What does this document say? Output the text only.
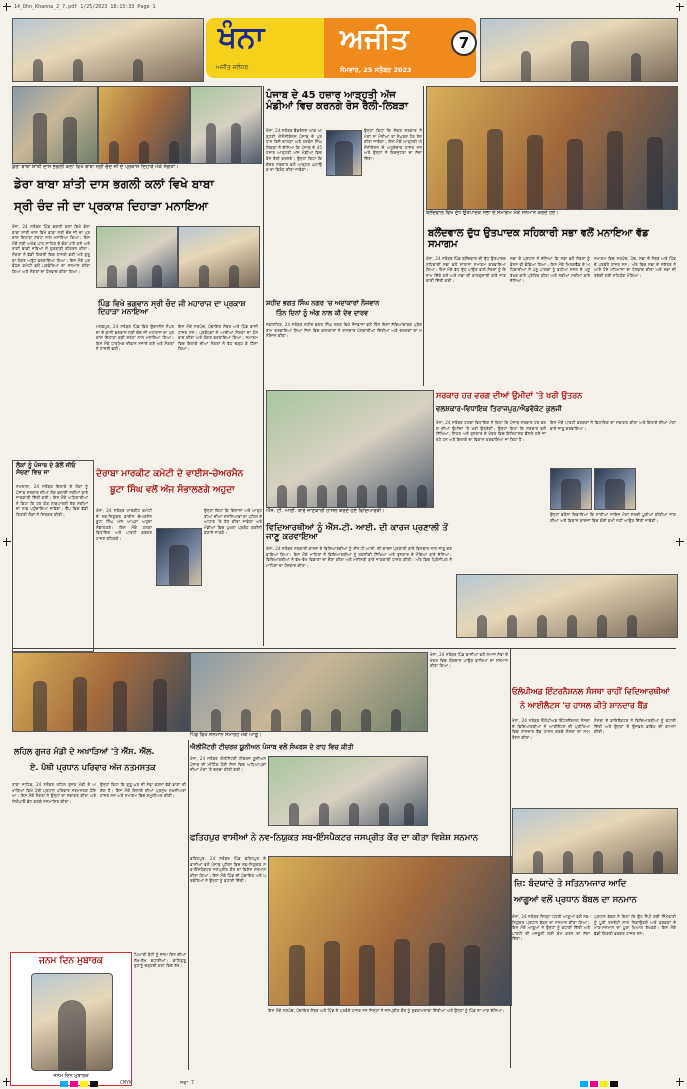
14_Dhn_Khanna_2_7.pdf 1/25/2023 18:15:33 Page 1
ਖੰਨਾ	ਅਜੀਤ
ਅਜੀਤ ਜਲੰਧਰ	ਸੋਮਵਾਰ, 25 ਸਤੰਬਰ 2023
7
ਡੇਰਾ ਬਾਬਾ ਸ਼ਾਂਤੀ ਦਾਸ ਭਗਲੀ ਕਲਾਂ ਵਿਖੇ ਬਾਬਾ ਸ੍ਰੀ ਚੰਦ ਜੀ ਦੇ ਪ੍ਰਕਾਸ਼ ਦਿਹਾੜੇ ਮੌਕੇ ਸੰਗਤਾਂ।
ਡੇਰਾ ਬਾਬਾ ਸ਼ਾਂਤੀ ਦਾਸ ਭਗਲੀ ਕਲਾਂ ਵਿਖੇ ਬਾਬਾ
ਸ੍ਰੀ ਚੰਦ ਜੀ ਦਾ ਪ੍ਰਕਾਸ਼ ਦਿਹਾੜਾ ਮਨਾਇਆ
ਖੰਨਾ, 24 ਸਤੰਬਰ ਪਿੰਡ ਭਗਲੀ ਕਲਾਂ ਵਿਖੇ ਡੇਰਾ ਬਾਬਾ ਸ਼ਾਂਤੀ ਦਾਸ ਵਿਖੇ ਬਾਬਾ ਸ੍ਰੀ ਚੰਦ ਜੀ ਦਾ ਪ੍ਰਕਾਸ਼ ਦਿਹਾੜਾ ਸ਼ਰਧਾ ਨਾਲ ਮਨਾਇਆ ਗਿਆ। ਇਸ ਮੌਕੇ ਸ੍ਰੀ ਅਖੰਡ ਪਾਠ ਸਾਹਿਬ ਦੇ ਭੋਗ ਪਾਏ ਗਏ ਅਤੇ ਰਾਗੀ ਢਾਡੀ ਜਥਿਆਂ ਨੇ ਗੁਰਬਾਣੀ ਕੀਰਤਨ ਕੀਤਾ। ਸੰਗਤਾਂ ਨੇ ਵੱਡੀ ਗਿਣਤੀ ਵਿਚ ਹਾਜ਼ਰੀ ਭਰੀ ਅਤੇ ਗੁਰੂ ਕਾ ਲੰਗਰ ਅਤੁੱਟ ਵਰਤਾਇਆ ਗਿਆ। ਇਸ ਮੌਕੇ ਪ੍ਰਬੰਧਕ ਕਮੇਟੀ ਵਲੋਂ ਪਤਵੰਤਿਆਂ ਦਾ ਸਨਮਾਨ ਕੀਤਾ ਗਿਆ ਅਤੇ ਸੰਗਤਾਂ ਦਾ ਧੰਨਵਾਦ ਕੀਤਾ ਗਿਆ।
ਪਿੰਡ ਵਿਖੇ ਭਗਵਾਨ ਸ੍ਰੀ ਚੰਦ ਜੀ ਮਹਾਰਾਜ ਦਾ ਪ੍ਰਕਾਸ਼ ਦਿਹਾੜਾ ਮਨਾਇਆ
ਮਲਕਪੁਰ, 24 ਸਤੰਬਰ ਪਿੰਡ ਵਿਖੇ ਉਦਾਸੀਨ ਸੰਪਰਦਾ ਦੇ ਬਾਨੀ ਭਗਵਾਨ ਸ੍ਰੀ ਚੰਦ ਜੀ ਮਹਾਰਾਜ ਦਾ ਪ੍ਰਕਾਸ਼ ਦਿਹਾੜਾ ਬੜੀ ਸ਼ਰਧਾ ਨਾਲ ਮਨਾਇਆ ਗਿਆ। ਇਸ ਮੌਕੇ ਧਾਰਮਿਕ ਦੀਵਾਨ ਸਜਾਏ ਗਏ ਅਤੇ ਸੰਗਤਾਂ ਨੇ ਹਾਜ਼ਰੀ ਭਰੀ।
ਇਸ ਮੌਕੇ ਸਰਪੰਚ, ਪੰਚਾਇਤ ਮੈਂਬਰ ਅਤੇ ਪਿੰਡ ਵਾਸੀ ਹਾਜ਼ਰ ਸਨ। ਪ੍ਰਬੰਧਕਾਂ ਨੇ ਆਈਆਂ ਸੰਗਤਾਂ ਦਾ ਧੰਨਵਾਦ ਕੀਤਾ ਅਤੇ ਲੰਗਰ ਵਰਤਾਇਆ ਗਿਆ। ਸਮਾਗਮ ਵਿਚ ਇਲਾਕੇ ਦੀਆਂ ਸੰਗਤਾਂ ਨੇ ਵੱਧ ਚੜ੍ਹ ਕੇ ਹਿੱਸਾ ਲਿਆ।
ਲੋਕਾਂ ਨੂੰ ਪੰਜਾਬ ਦੇ ਗੱਲੋਂ ਜੀਓ ਸੱਚਣਾ ਵਿਚ ਜਾ
ਸਮਰਾਲਾ, 24 ਸਤੰਬਰ ਇਲਾਕੇ ਦੇ ਲੋਕਾਂ ਨੂੰ ਪੰਜਾਬ ਸਰਕਾਰ ਦੀਆਂ ਲੋਕ ਭਲਾਈ ਸਕੀਮਾਂ ਬਾਰੇ ਜਾਣਕਾਰੀ ਦਿੱਤੀ ਗਈ। ਇਸ ਮੌਕੇ ਅਧਿਕਾਰੀਆਂ ਨੇ ਕਿਹਾ ਕਿ ਹਰ ਯੋਗ ਲਾਭਪਾਤਰੀ ਤੱਕ ਸਕੀਮਾਂ ਦਾ ਲਾਭ ਪਹੁੰਚਾਇਆ ਜਾਵੇਗਾ। ਕੈਂਪ ਵਿਚ ਵੱਡੀ ਗਿਣਤੀ ਲੋਕਾਂ ਨੇ ਸ਼ਿਰਕਤ ਕੀਤੀ।
ਦੇਰਾਬਾ ਮਾਰਕੀਟ ਕਮੇਟੀ ਦੇ ਵਾਈਸ-ਚੇਅਰਮੈਨ
ਬੂਟਾ ਸਿੰਘ ਵਲੋਂ ਅੱਜ ਸੰਭਾਲਣਗੇ ਅਹੁਦਾ
ਖੰਨਾ, 24 ਸਤੰਬਰ ਮਾਰਕੀਟ ਕਮੇਟੀ ਦੇ ਨਵ-ਨਿਯੁਕਤ ਵਾਈਸ ਚੇਅਰਮੈਨ ਬੂਟਾ ਸਿੰਘ ਅੱਜ ਆਪਣਾ ਅਹੁਦਾ ਸੰਭਾਲਣਗੇ। ਇਸ ਮੌਕੇ ਹਲਕਾ ਵਿਧਾਇਕ ਅਤੇ ਪਾਰਟੀ ਵਰਕਰ ਹਾਜ਼ਰ ਰਹਿਣਗੇ।
ਉਨ੍ਹਾਂ ਕਿਹਾ ਕਿ ਕਿਸਾਨਾਂ ਅਤੇ ਆੜ੍ਹਤੀਆਂ ਦੀਆਂ ਸਮੱਸਿਆਵਾਂ ਦਾ ਪਹਿਲ ਦੇ ਆਧਾਰ 'ਤੇ ਹੱਲ ਕੀਤਾ ਜਾਵੇਗਾ ਅਤੇ ਮੰਡੀਆਂ ਵਿਚ ਪੁਖ਼ਤਾ ਪ੍ਰਬੰਧ ਯਕੀਨੀ ਬਣਾਏ ਜਾਣਗੇ।
ਪੰਜਾਬ ਦੇ 45 ਹਜ਼ਾਰ ਆੜ੍ਹਤੀ ਅੱਜ ਮੰਡੀਆਂ ਵਿਚ ਕਰਨਗੇ ਰੋਸ ਰੈਲੀ-ਲਿਬੜਾ
ਖੰਨਾ, 24 ਸਤੰਬਰ ਫੈਡਰੇਸ਼ਨ ਆਫ਼ ਆੜ੍ਹਤੀ ਐਸੋਸੀਏਸ਼ਨ ਪੰਜਾਬ ਦੇ ਪ੍ਰਧਾਨ ਵਿਜੇ ਕਾਲੜਾ ਅਤੇ ਹਰਬੰਸ ਸਿੰਘ ਲਿਬੜਾ ਨੇ ਦੱਸਿਆ ਕਿ ਪੰਜਾਬ ਦੇ 45 ਹਜ਼ਾਰ ਆੜ੍ਹਤੀ ਅੱਜ ਮੰਡੀਆਂ ਵਿਚ ਰੋਸ ਰੈਲੀ ਕਰਨਗੇ। ਉਨ੍ਹਾਂ ਕਿਹਾ ਕਿ ਕੇਂਦਰ ਸਰਕਾਰ ਵਲੋਂ ਆੜ੍ਹਤ ਘਟਾਉਣ ਦਾ ਵਿਰੋਧ ਕੀਤਾ ਜਾਵੇਗਾ।
ਉਨ੍ਹਾਂ ਕਿਹਾ ਕਿ ਜੇਕਰ ਸਰਕਾਰ ਨੇ ਮੰਗਾਂ ਨਾ ਮੰਨੀਆਂ ਤਾਂ ਸੰਘਰਸ਼ ਹੋਰ ਤੇਜ਼ ਕੀਤਾ ਜਾਵੇਗਾ। ਇਸ ਮੌਕੇ ਆੜ੍ਹਤੀ ਐਸੋਸੀਏਸ਼ਨ ਦੇ ਅਹੁਦੇਦਾਰ ਹਾਜ਼ਰ ਸਨ ਅਤੇ ਉਨ੍ਹਾਂ ਨੇ ਇਕਜੁਟਤਾ ਦਾ ਸੱਦਾ ਦਿੱਤਾ।
ਸ਼ਹੀਦ ਭਗਤ ਸਿੰਘ ਨਗਰ 'ਚ ਅਦਾਕਾਰਾਂ ਨੌਜਵਾਨ
ਤਿੰਨ ਦਿਨਾਂ ਨੂੰ ਅੱਗ ਨਾਲ ਕੀ ਦੇਵ ਦਾਰਵ
ਨਵਾਂਸ਼ਹਿਰ, 24 ਸਤੰਬਰ ਸ਼ਹੀਦ ਭਗਤ ਸਿੰਘ ਨਗਰ ਵਿਖੇ ਨੌਜਵਾਨਾਂ ਵਲੋਂ ਤਿੰਨ ਦਿਨਾਂ ਸੱਭਿਆਚਾਰਕ ਪ੍ਰੋਗਰਾਮ ਕਰਵਾਇਆ ਗਿਆ ਜਿਸ ਵਿਚ ਕਲਾਕਾਰਾਂ ਨੇ ਸ਼ਾਨਦਾਰ ਪੇਸ਼ਕਾਰੀਆਂ ਦਿੱਤੀਆਂ ਅਤੇ ਦਰਸ਼ਕਾਂ ਦਾ ਮਨੋਰੰਜਨ ਕੀਤਾ।
ਬਲੌਂਦਵਾਲ ਵਿਖੇ ਦੁੱਧ ਉਤਪਾਦਕ ਸਭਾ ਦੇ ਸਮਾਗਮ ਮੌਕੇ ਸਨਮਾਨ ਕਰਦੇ ਹੋਏ।
ਬਲੌਂਦਵਾਲ ਦੁੱਧ ਉਤਪਾਦਕ ਸਹਿਕਾਰੀ ਸਭਾ ਵਲੋਂ ਮਨਾਇਆ ਵੱਡ ਸਮਾਗਮ
ਖੰਨਾ, 24 ਸਤੰਬਰ ਪਿੰਡ ਬਲੌਂਦਵਾਲ ਦੀ ਦੁੱਧ ਉਤਪਾਦਕ ਸਹਿਕਾਰੀ ਸਭਾ ਵਲੋਂ ਸਾਲਾਨਾ ਸਮਾਗਮ ਕਰਵਾਇਆ ਗਿਆ। ਇਸ ਮੌਕੇ ਵੱਧ ਦੁੱਧ ਪਾਉਣ ਵਾਲੇ ਮੈਂਬਰਾਂ ਨੂੰ ਇਨਾਮ ਦਿੱਤੇ ਗਏ ਅਤੇ ਸਭਾ ਦੀ ਕਾਰਗੁਜ਼ਾਰੀ ਬਾਰੇ ਜਾਣਕਾਰੀ ਦਿੱਤੀ ਗਈ।
ਸਭਾ ਦੇ ਪ੍ਰਧਾਨ ਨੇ ਦੱਸਿਆ ਕਿ ਸਭਾ ਵਲੋਂ ਮੈਂਬਰਾਂ ਨੂੰ ਬੋਨਸ ਵੀ ਵੰਡਿਆ ਗਿਆ। ਇਸ ਮੌਕੇ ਮਿਲਕਫੈੱਡ ਦੇ ਅਧਿਕਾਰੀਆਂ ਨੇ ਪਸ਼ੂ ਪਾਲਕਾਂ ਨੂੰ ਵਧੀਆ ਨਸਲ ਦੇ ਪਸ਼ੂ ਰੱਖਣ ਬਾਰੇ ਪ੍ਰੇਰਿਤ ਕੀਤਾ ਅਤੇ ਨਵੀਆਂ ਸਕੀਮਾਂ ਬਾਰੇ ਦੱਸਿਆ।
ਸਮਾਗਮ ਵਿਚ ਸਰਪੰਚ, ਪੰਚ, ਸਭਾ ਦੇ ਮੈਂਬਰ ਅਤੇ ਪਿੰਡ ਦੇ ਪਤਵੰਤੇ ਹਾਜ਼ਰ ਸਨ। ਅੰਤ ਵਿਚ ਸਭਾ ਦੇ ਸਕੱਤਰ ਨੇ ਆਏ ਹੋਏ ਮਹਿਮਾਨਾਂ ਦਾ ਧੰਨਵਾਦ ਕੀਤਾ ਅਤੇ ਸਭਾ ਦੀ ਤਰੱਕੀ ਲਈ ਸਹਿਯੋਗ ਮੰਗਿਆ।
ਐੱਸ. ਟੀ. ਆਈ. ਬਾਰੇ ਜਾਣਕਾਰੀ ਹਾਸਲ ਕਰਦੇ ਹੋਏ ਵਿਦਿਆਰਥੀ।
ਸਰਕਾਰ ਹਰ ਵਰਗ ਦੀਆਂ ਉਮੀਦਾਂ 'ਤੇ ਖਰੀ ਉਤਰਨ
ਵਲਸ਼ਕਾਰ-ਵਿਧਾਇਕ ਤਿਰਾਜਪੁਰ/ਐਡਵੋਕੇਟ ਕੁਲਜੀ
ਖੰਨਾ, 24 ਸਤੰਬਰ ਹਲਕਾ ਵਿਧਾਇਕ ਨੇ ਕਿਹਾ ਕਿ ਪੰਜਾਬ ਸਰਕਾਰ ਹਰ ਵਰਗ ਦੀਆਂ ਉਮੀਦਾਂ 'ਤੇ ਖਰੀ ਉਤਰੇਗੀ। ਉਨ੍ਹਾਂ ਕਿਹਾ ਕਿ ਸਰਕਾਰ ਵਲੋਂ ਸਿੱਖਿਆ, ਸਿਹਤ ਅਤੇ ਰੁਜ਼ਗਾਰ ਦੇ ਖੇਤਰ ਵਿਚ ਇਤਿਹਾਸਕ ਫ਼ੈਸਲੇ ਲਏ ਜਾ ਰਹੇ ਹਨ ਅਤੇ ਇਲਾਕੇ ਦਾ ਵਿਕਾਸ ਕਰਵਾਇਆ ਜਾ ਰਿਹਾ ਹੈ।
ਇਸ ਮੌਕੇ ਪਾਰਟੀ ਵਰਕਰਾਂ ਨੇ ਵਿਧਾਇਕ ਦਾ ਸਵਾਗਤ ਕੀਤਾ ਅਤੇ ਇਲਾਕੇ ਦੀਆਂ ਮੰਗਾਂ ਬਾਰੇ ਜਾਣੂ ਕਰਵਾਇਆ।
ਉਨ੍ਹਾਂ ਭਰੋਸਾ ਦਿਵਾਇਆ ਕਿ ਸਾਰੀਆਂ ਜਾਇਜ਼ ਮੰਗਾਂ ਜਲਦੀ ਪੂਰੀਆਂ ਕੀਤੀਆਂ ਜਾਣਗੀਆਂ ਅਤੇ ਵਿਕਾਸ ਕਾਰਜਾਂ ਵਿਚ ਕੋਈ ਕਮੀ ਨਹੀਂ ਆਉਣ ਦਿੱਤੀ ਜਾਵੇਗੀ।
ਵਿਦਿਆਰਥੀਆਂ ਨੂੰ ਐੱਸ.ਟੀ. ਆਈ. ਦੀ ਕਾਰਜ ਪ੍ਰਣਾਲੀ ਤੋਂ ਜਾਣੂ ਕਰਵਾਇਆ
ਖੰਨਾ, 24 ਸਤੰਬਰ ਸਰਕਾਰੀ ਕਾਲਜ ਦੇ ਵਿਦਿਆਰਥੀਆਂ ਨੂੰ ਐੱਸ.ਟੀ.ਆਈ. ਦੀ ਕਾਰਜ ਪ੍ਰਣਾਲੀ ਬਾਰੇ ਵਿਸਥਾਰ ਨਾਲ ਜਾਣੂ ਕਰਵਾਇਆ ਗਿਆ। ਇਸ ਮੌਕੇ ਮਾਹਿਰਾਂ ਨੇ ਵਿਦਿਆਰਥੀਆਂ ਨੂੰ ਤਕਨੀਕੀ ਸਿੱਖਿਆ ਅਤੇ ਰੁਜ਼ਗਾਰ ਦੇ ਮੌਕਿਆਂ ਬਾਰੇ ਦੱਸਿਆ। ਵਿਦਿਆਰਥੀਆਂ ਨੇ ਵੱਖ-ਵੱਖ ਵਿਭਾਗਾਂ ਦਾ ਦੌਰਾ ਕੀਤਾ ਅਤੇ ਮਸ਼ੀਨਰੀ ਬਾਰੇ ਜਾਣਕਾਰੀ ਹਾਸਲ ਕੀਤੀ। ਅੰਤ ਵਿਚ ਪ੍ਰਿੰਸੀਪਲ ਨੇ ਮਾਹਿਰਾਂ ਦਾ ਧੰਨਵਾਦ ਕੀਤਾ।
ਪਿੰਡ ਵਿਖੇ ਸਨਮਾਨ ਸਮਾਰੋਹ ਮੌਕੇ ਆਗੂ।
ਖੰਨਾ, 24 ਸਤੰਬਰ ਪਿੰਡ ਵਾਸੀਆਂ ਵਲੋਂ ਸਮਾਜ ਸੇਵਾ ਦੇ ਖੇਤਰ ਵਿਚ ਯੋਗਦਾਨ ਪਾਉਣ ਵਾਲਿਆਂ ਦਾ ਸਨਮਾਨ ਕੀਤਾ ਗਿਆ।
ਓਲੰਪੀਅਡ ਇੰਟਰਨੈਸ਼ਨਲ ਸੰਸਥਾ ਰਾਹੀਂ ਵਿਦਿਆਰਥੀਆਂ
ਨੇ ਆਈਲੈਟਸ 'ਚ ਹਾਸਲ ਕੀਤੇ ਸ਼ਾਨਦਾਰ ਬੈਂਡ
ਖੰਨਾ, 24 ਸਤੰਬਰ ਓਲੰਪੀਅਡ ਇੰਟਰਨੈਸ਼ਨਲ ਸੰਸਥਾ ਦੇ ਵਿਦਿਆਰਥੀਆਂ ਨੇ ਆਈਲੈਟਸ ਦੀ ਪ੍ਰੀਖਿਆ ਵਿਚ ਸ਼ਾਨਦਾਰ ਬੈਂਡ ਹਾਸਲ ਕਰਕੇ ਸੰਸਥਾ ਦਾ ਨਾਮ ਰੌਸ਼ਨ ਕੀਤਾ।
ਸੰਸਥਾ ਦੇ ਡਾਇਰੈਕਟਰ ਨੇ ਵਿਦਿਆਰਥੀਆਂ ਨੂੰ ਵਧਾਈ ਦਿੱਤੀ ਅਤੇ ਉਨ੍ਹਾਂ ਦੇ ਉਜਵਲ ਭਵਿੱਖ ਦੀ ਕਾਮਨਾ ਕੀਤੀ।
ਐਲੀਮੈਂਟਰੀ ਟੀਚਰਜ਼ ਯੂਨੀਅਨ ਪੰਜਾਬ ਵਲੋਂ ਸੰਘਰਸ਼ ਦੇ ਰਾਹ ਵਿਚ ਕੀਤੀ
ਖੰਨਾ, 24 ਸਤੰਬਰ ਐਲੀਮੈਂਟਰੀ ਟੀਚਰਜ਼ ਯੂਨੀਅਨ ਪੰਜਾਬ ਦੀ ਮੀਟਿੰਗ ਹੋਈ ਜਿਸ ਵਿਚ ਅਧਿਆਪਕਾਂ ਦੀਆਂ ਮੰਗਾਂ 'ਤੇ ਚਰਚਾ ਕੀਤੀ ਗਈ।
ਲਹਿਲ ਗੁਜਰ ਮੰਡੀ ਦੇ ਅਖਾੜਿਆਂ 'ਤੇ ਐੱਸ. ਐੱਲ.
ਏ. ਪੰਥੀ ਪ੍ਰਧਾਨ ਪਰਿਵਾਰ ਅੱਜ ਨਤਮਸਤਕ
ਰਾੜਾ ਸਾਹਿਬ, 24 ਸਤੰਬਰ ਲਹਿਲ ਗੁਜਰ ਮੰਡੀ ਦੇ ਅਖਾੜਿਆਂ ਵਿਖੇ ਪੰਥੀ ਪ੍ਰਧਾਨ ਪਰਿਵਾਰ ਨਤਮਸਤਕ ਹੋਇਆ। ਇਸ ਮੌਕੇ ਸੰਗਤਾਂ ਨੇ ਉਨ੍ਹਾਂ ਦਾ ਸਵਾਗਤ ਕੀਤਾ ਅਤੇ ਸਿਰੋਪਾਓ ਭੇਟ ਕਰਕੇ ਸਨਮਾਨਿਤ ਕੀਤਾ।
ਉਨ੍ਹਾਂ ਕਿਹਾ ਕਿ ਗੁਰੂ ਘਰ ਦੀ ਸੇਵਾ ਕਰਨਾ ਵੱਡੇ ਭਾਗਾਂ ਦੀ ਗੱਲ ਹੈ। ਇਸ ਮੌਕੇ ਇਲਾਕੇ ਦੀਆਂ ਪ੍ਰਮੁੱਖ ਸ਼ਖ਼ਸੀਅਤਾਂ ਹਾਜ਼ਰ ਸਨ ਅਤੇ ਸਮਾਗਮ ਵਿਚ ਸ਼ਮੂਲੀਅਤ ਕੀਤੀ।
ਫਤਿਹਪੁਰ ਵਾਸੀਆਂ ਨੇ ਨਵ-ਨਿਯੁਕਤ ਸਬ-ਇੰਸਪੈਕਟਰ ਜਸਪ੍ਰੀਤ ਕੌਰ ਦਾ ਕੀਤਾ ਵਿਸ਼ੇਸ਼ ਸਨਮਾਨ
ਫਤਿਹਪੁਰ, 24 ਸਤੰਬਰ ਪਿੰਡ ਫਤਿਹਪੁਰ ਦੇ ਵਾਸੀਆਂ ਵਲੋਂ ਪੰਜਾਬ ਪੁਲਿਸ ਵਿਚ ਨਵ-ਨਿਯੁਕਤ ਸਬ-ਇੰਸਪੈਕਟਰ ਜਸਪ੍ਰੀਤ ਕੌਰ ਦਾ ਵਿਸ਼ੇਸ਼ ਸਨਮਾਨ ਕੀਤਾ ਗਿਆ। ਇਸ ਮੌਕੇ ਪਿੰਡ ਦੀ ਪੰਚਾਇਤ ਅਤੇ ਪਤਵੰਤਿਆਂ ਨੇ ਉਨ੍ਹਾਂ ਨੂੰ ਵਧਾਈ ਦਿੱਤੀ।
ਇਸ ਮੌਕੇ ਸਰਪੰਚ, ਪੰਚਾਇਤ ਮੈਂਬਰ ਅਤੇ ਪਿੰਡ ਦੇ ਪਤਵੰਤੇ ਹਾਜ਼ਰ ਸਨ ਜਿਨ੍ਹਾਂ ਨੇ ਜਸਪ੍ਰੀਤ ਕੌਰ ਨੂੰ ਸ਼ੁਭਕਾਮਨਾਵਾਂ ਦਿੱਤੀਆਂ ਅਤੇ ਉਨ੍ਹਾਂ ਨੂੰ ਪਿੰਡ ਦਾ ਮਾਣ ਦੱਸਿਆ।
ਜ਼ਿ: ਬੰਦਯਾਦੇ ਤੇ ਸਤਿਨਾਮਜਾਰ ਆਦਿ
ਆਗੂਆਂ ਵਲੋਂ ਪ੍ਰਧਾਨ ਬੱਬਲ ਦਾ ਸਨਮਾਨ
ਖੰਨਾ, 24 ਸਤੰਬਰ ਜ਼ਿਲ੍ਹਾ ਪੱਧਰੀ ਆਗੂਆਂ ਵਲੋਂ ਨਵ-ਨਿਯੁਕਤ ਪ੍ਰਧਾਨ ਬੱਬਲ ਦਾ ਸਨਮਾਨ ਕੀਤਾ ਗਿਆ। ਇਸ ਮੌਕੇ ਆਗੂਆਂ ਨੇ ਉਨ੍ਹਾਂ ਨੂੰ ਵਧਾਈ ਦਿੱਤੀ ਅਤੇ ਪਾਰਟੀ ਦੀ ਮਜ਼ਬੂਤੀ ਲਈ ਕੰਮ ਕਰਨ ਦਾ ਸੱਦਾ ਦਿੱਤਾ।
ਪ੍ਰਧਾਨ ਬੱਬਲ ਨੇ ਕਿਹਾ ਕਿ ਉਹ ਸੌਂਪੀ ਗਈ ਜ਼ਿੰਮੇਵਾਰੀ ਨੂੰ ਪੂਰੀ ਤਨਦੇਹੀ ਨਾਲ ਨਿਭਾਉਣਗੇ ਅਤੇ ਵਰਕਰਾਂ ਦੇ ਮਾਣ-ਸਨਮਾਨ ਦਾ ਪੂਰਾ ਖ਼ਿਆਲ ਰੱਖਣਗੇ। ਇਸ ਮੌਕੇ ਵੱਡੀ ਗਿਣਤੀ ਵਰਕਰ ਹਾਜ਼ਰ ਸਨ।
ਜਨਮ ਦਿਨ ਮੁਬਾਰਕ
ਜਨਮ ਦਿਨ ਮੁਬਾਰਕ
ਪਿਆਰੀ ਬੇਟੀ ਨੂੰ ਜਨਮ ਦਿਨ ਦੀਆਂ ਲੱਖ-ਲੱਖ ਵਧਾਈਆਂ। ਵਾਹਿਗੁਰੂ ਤੁਹਾਨੂੰ ਚੜ੍ਹਦੀ ਕਲਾ ਵਿਚ ਰੱਖੇ।
CMYK	ਸਫਾ 7
